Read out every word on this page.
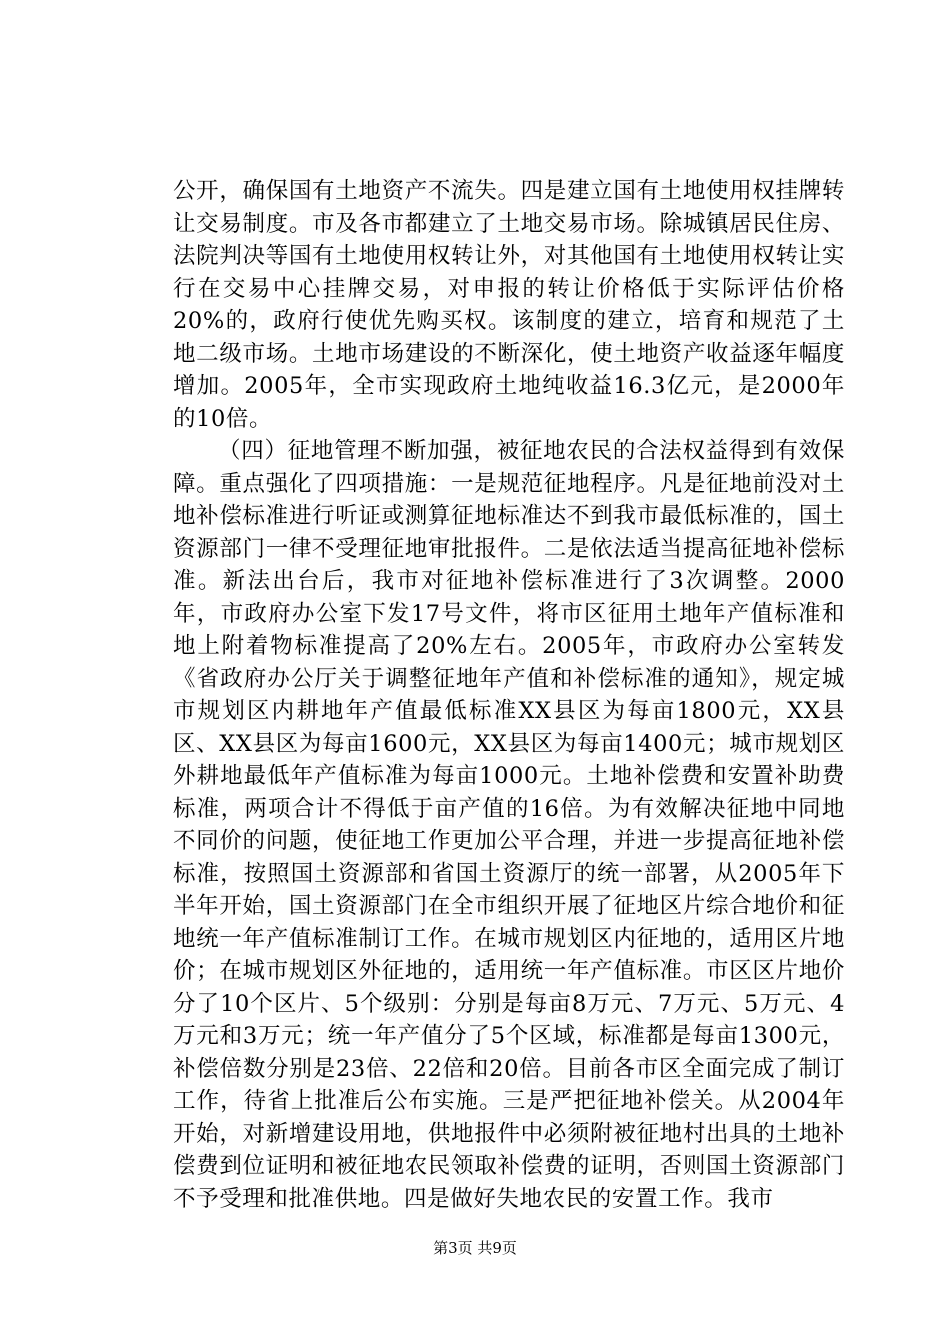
公开，确保国有土地资产不流失。四是建立国有土地使用权挂牌转让交易制度。市及各市都建立了土地交易市场。除城镇居民住房、法院判决等国有土地使用权转让外，对其他国有土地使用权转让实行在交易中心挂牌交易，对申报的转让价格低于实际评估价格20%的，政府行使优先购买权。该制度的建立，培育和规范了土地二级市场。土地市场建设的不断深化，使土地资产收益逐年幅度增加。2005年，全市实现政府土地纯收益16.3亿元，是2000年的10倍。

（四）征地管理不断加强，被征地农民的合法权益得到有效保障。重点强化了四项措施：一是规范征地程序。凡是征地前没对土地补偿标准进行听证或测算征地标准达不到我市最低标准的，国土资源部门一律不受理征地审批报件。二是依法适当提高征地补偿标准。新法出台后，我市对征地补偿标准进行了3次调整。2000年，市政府办公室下发17号文件，将市区征用土地年产值标准和地上附着物标准提高了20%左右。2005年，市政府办公室转发《省政府办公厅关于调整征地年产值和补偿标准的通知》，规定城市规划区内耕地年产值最低标准XX县区为每亩1800元，XX县区、XX县区为每亩1600元，XX县区为每亩1400元；城市规划区外耕地最低年产值标准为每亩1000元。土地补偿费和安置补助费标准，两项合计不得低于亩产值的16倍。为有效解决征地中同地不同价的问题，使征地工作更加公平合理，并进一步提高征地补偿标准，按照国土资源部和省国土资源厅的统一部署，从2005年下半年开始，国土资源部门在全市组织开展了征地区片综合地价和征地统一年产值标准制订工作。在城市规划区内征地的，适用区片地价；在城市规划区外征地的，适用统一年产值标准。市区区片地价分了10个区片、5个级别：分别是每亩8万元、7万元、5万元、4万元和3万元；统一年产值分了5个区域，标准都是每亩1300元，补偿倍数分别是23倍、22倍和20倍。目前各市区全面完成了制订工作，待省上批准后公布实施。三是严把征地补偿关。从2004年开始，对新增建设用地，供地报件中必须附被征地村出具的土地补偿费到位证明和被征地农民领取补偿费的证明，否则国土资源部门不予受理和批准供地。四是做好失地农民的安置工作。我市

第3页 共9页
